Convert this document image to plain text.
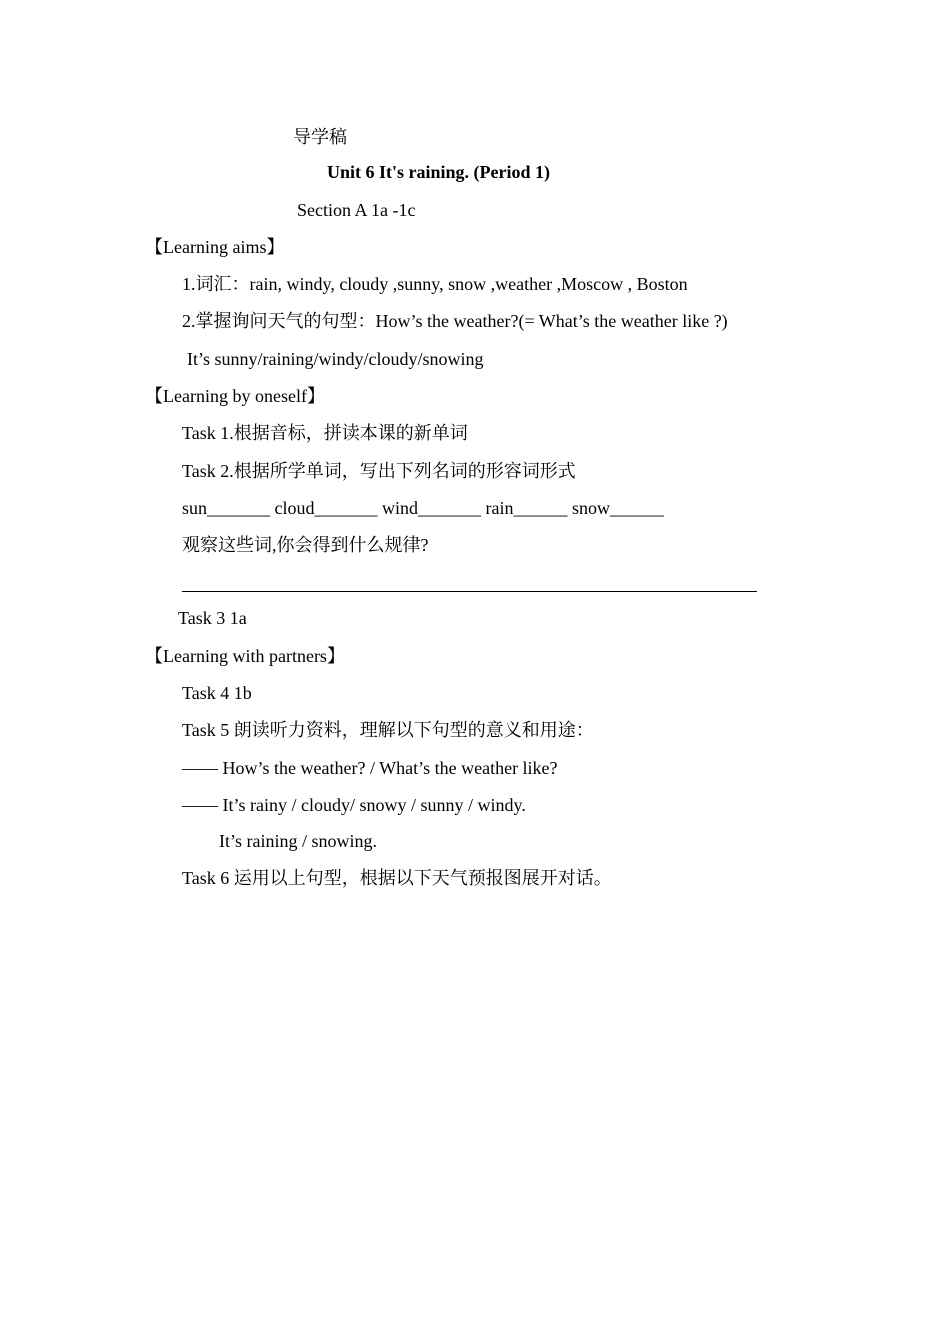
导学稿
Unit 6 It's raining. (Period 1)
Section A 1a -1c
【Learning aims】
1.词汇：rain, windy, cloudy ,sunny, snow ,weather ,Moscow , Boston
2.掌握询问天气的句型：How’s the weather?(= What’s the weather like ?)
It’s sunny/raining/windy/cloudy/snowing
【Learning by oneself】
Task 1.根据音标，拼读本课的新单词
Task 2.根据所学单词，写出下列名词的形容词形式
sun_______ cloud_______ wind_______ rain______ snow______
观察这些词,你会得到什么规律?
Task 3 1a
【Learning with partners】
Task 4 1b
Task 5 朗读听力资料，理解以下句型的意义和用途：
—— How’s the weather? / What’s the weather like?
—— It’s rainy / cloudy/ snowy / sunny / windy.
It’s raining / snowing.
Task 6 运用以上句型，根据以下天气预报图展开对话。
